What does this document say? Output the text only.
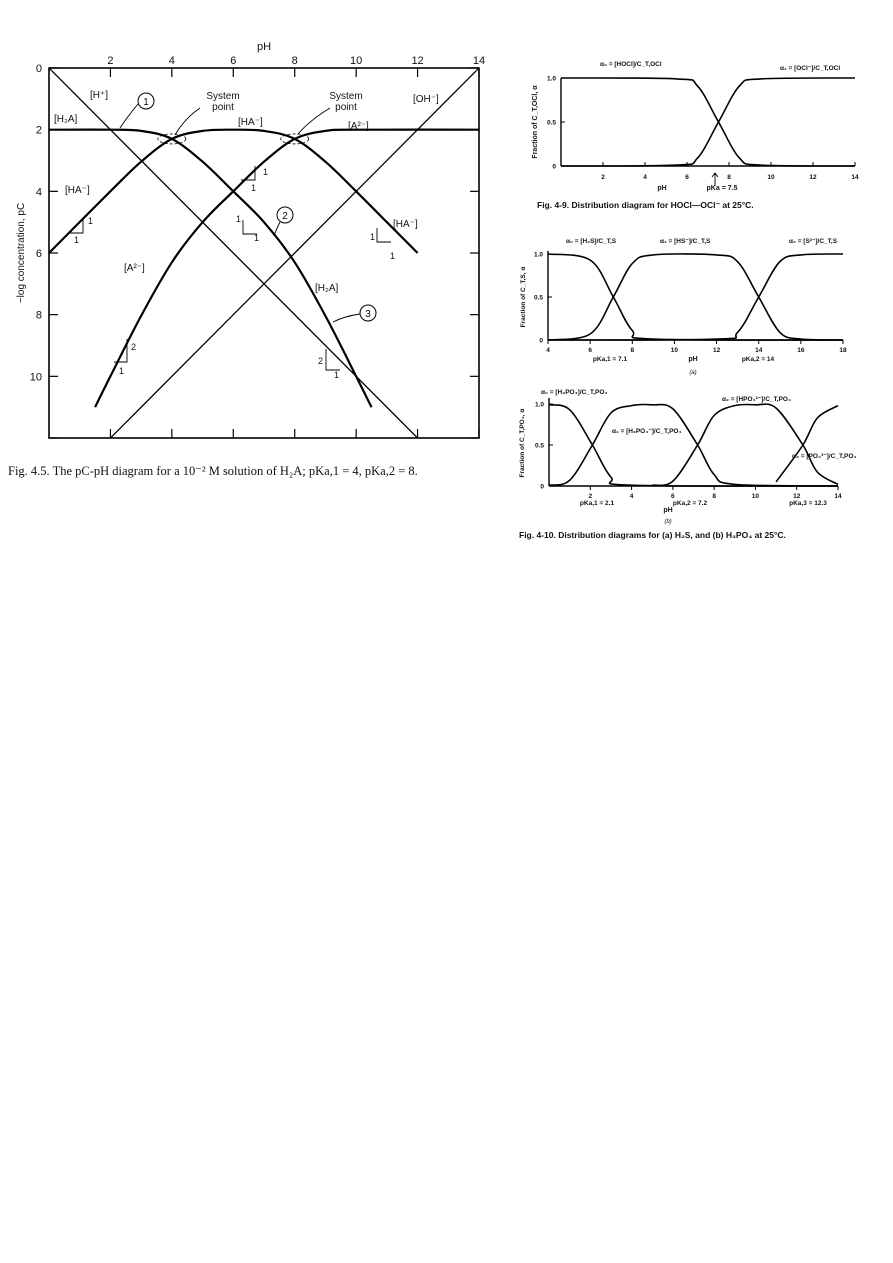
pH
−log concentration, pC
2	4	6	8	10	12	14
0
2
4
6
8
10
[H⁺]	[OH⁻]
[H₂A]	[HA⁻]	[A²⁻]
[HA⁻]
[A²⁻]
[HA⁻]
[H₂A]
System
point
System
point
1
2
3
1
1
1
1
1
1	1
1
2
1
2
1
Fig. 4.5. The pC-pH diagram for a 10⁻² M solution of H₂A; pKa,1 = 4, pKa,2 = 8.
2	4	6	8	10	12	14
0
0.5
1.0
Fraction of C_T,OCl, α
pH	pKa = 7.5
α₀ = [HOCl]/C_T,OCl
α₁ = [OCl⁻]/C_T,OCl
Fig. 4-9. Distribution diagram for HOCl—OCl⁻ at 25°C.
4	6	8	10	12	14	16	18
0
0.5
1.0
Fraction of C_T,S, α
pH
pKa,1 = 7.1	pKa,2 = 14
α₀ = [H₂S]/C_T,S	α₁ = [HS⁻]/C_T,S	α₂ = [S²⁻]/C_T,S
(a)
2	4	6	8	10	12	14
0
0.5
1.0
Fraction of C_T,PO₄, α
pH
pKa,1 = 2.1	pKa,2 = 7.2	pKa,3 = 12.3
α₀ = [H₃PO₄]/C_T,PO₄
α₁ = [H₂PO₄⁻]/C_T,PO₄
α₂ = [HPO₄²⁻]/C_T,PO₄
α₃ = [PO₄³⁻]/C_T,PO₄
(b)
Fig. 4-10. Distribution diagrams for (a) H₂S, and (b) H₃PO₄ at 25°C.
